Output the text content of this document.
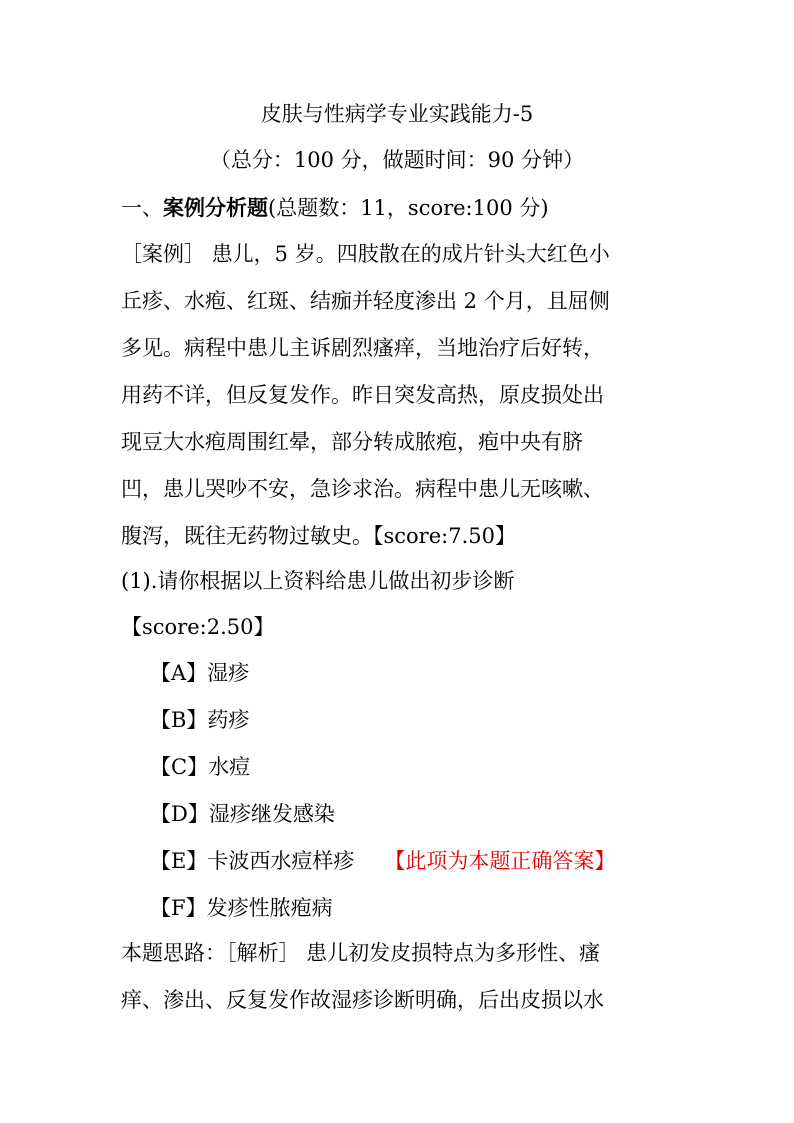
皮肤与性病学专业实践能力-5
（总分：100 分，做题时间：90 分钟）
一、案例分析题(总题数：11，score:100 分)
［案例］ 患儿，5 岁。四肢散在的成片针头大红色小
丘疹、水疱、红斑、结痂并轻度渗出 2 个月，且屈侧
多见。病程中患儿主诉剧烈瘙痒，当地治疗后好转，
用药不详，但反复发作。昨日突发高热，原皮损处出
现豆大水疱周围红晕，部分转成脓疱，疱中央有脐
凹，患儿哭吵不安，急诊求治。病程中患儿无咳嗽、
腹泻，既往无药物过敏史。【score:7.50】
(1).请你根据以上资料给患儿做出初步诊断
【score:2.50】
【A】湿疹
【B】药疹
【C】水痘
【D】湿疹继发感染
【E】卡波西水痘样疹 【此项为本题正确答案】
【F】发疹性脓疱病
本题思路：［解析］ 患儿初发皮损特点为多形性、瘙
痒、渗出、反复发作故湿疹诊断明确，后出皮损以水
